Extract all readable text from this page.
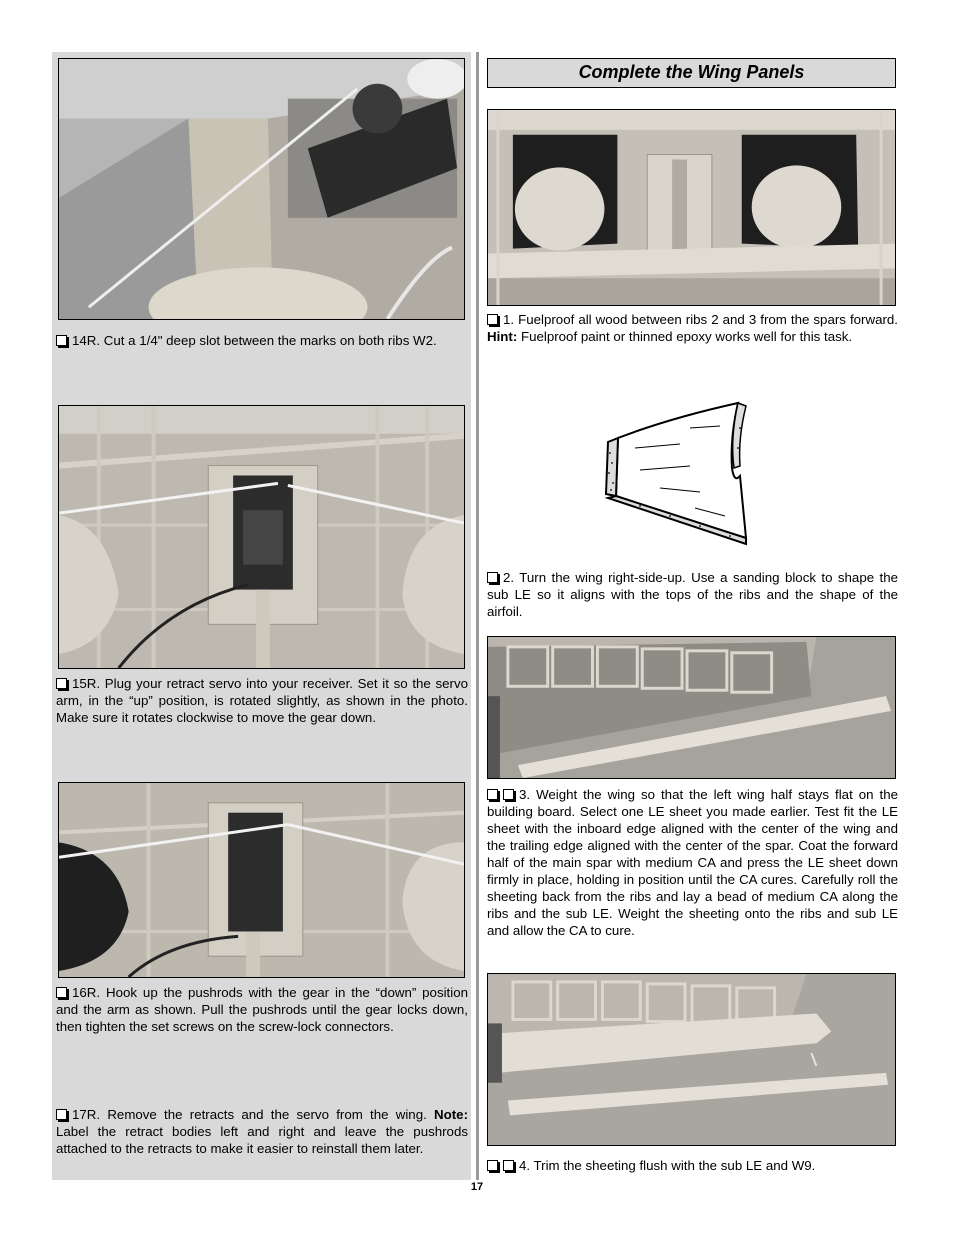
14R. Cut a 1/4" deep slot between the marks on both ribs W2.
15R. Plug your retract servo into your receiver. Set it so the servo arm, in the “up” position, is rotated slightly, as shown in the photo. Make sure it rotates clockwise to move the gear down.
16R. Hook up the pushrods with the gear in the “down” position and the arm as shown. Pull the pushrods until the gear locks down, then tighten the set screws on the screw-lock connectors.
17R. Remove the retracts and the servo from the wing. Note: Label the retract bodies left and right and leave the pushrods attached to the retracts to make it easier to reinstall them later.
Complete the Wing Panels
1. Fuelproof all wood between ribs 2 and 3 from the spars forward. Hint: Fuelproof paint or thinned epoxy works well for this task.
2. Turn the wing right-side-up. Use a sanding block to shape the sub LE so it aligns with the tops of the ribs and the shape of the airfoil.
3. Weight the wing so that the left wing half stays flat on the building board. Select one LE sheet you made earlier. Test fit the LE sheet with the inboard edge aligned with the center of the wing and the trailing edge aligned with the center of the spar. Coat the forward half of the main spar with medium CA and press the LE sheet down firmly in place, holding in position until the CA cures. Carefully roll the sheeting back from the ribs and lay a bead of medium CA along the ribs and the sub LE. Weight the sheeting onto the ribs and sub LE and allow the CA to cure.
4. Trim the sheeting flush with the sub LE and W9.
17
